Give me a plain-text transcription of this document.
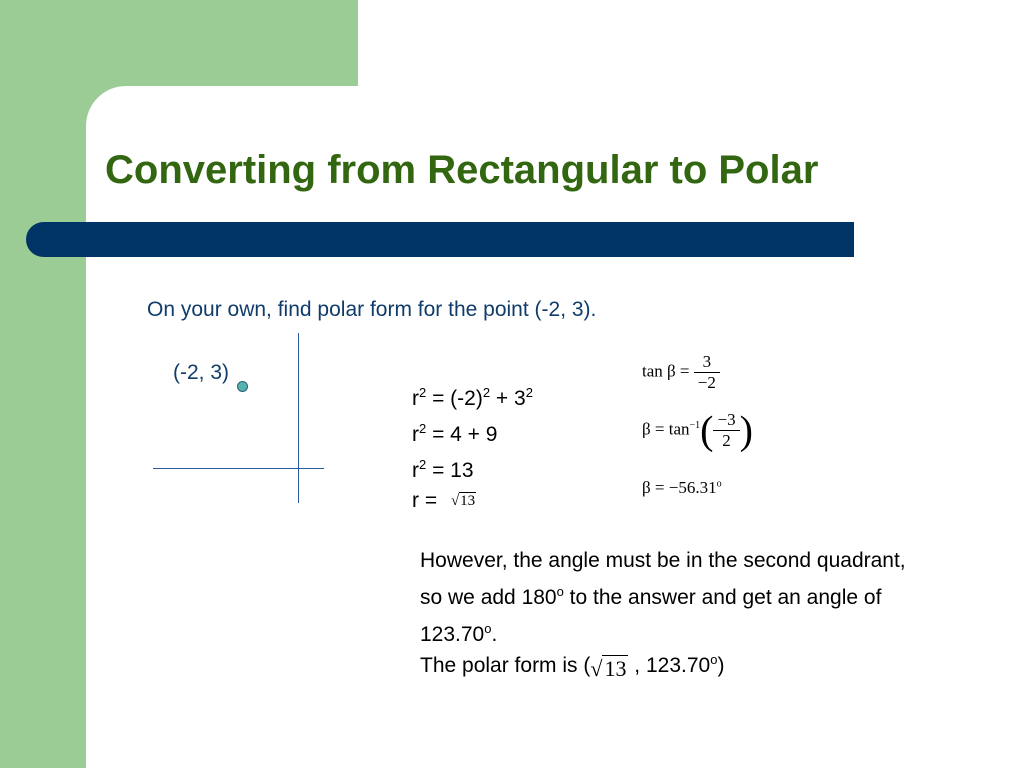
Converting from Rectangular to Polar
On your own, find polar form for the point (-2, 3).
(-2, 3)
$r^2 = (-2)^2 + 3^2$
$r^2 = 4 + 9$
$r^2 = 13$
r = √13
$\tan \beta = \frac{3}{-2}$
$\beta = \tan^{-1}( \frac{-3}{2}$ )
$\beta = -56.31^o$
However, the angle must be in the second quadrant, so we add 180$^o$ to the answer and get an angle of 123.70$^o$.
The polar form is (√13 , 123.70$^o$)
